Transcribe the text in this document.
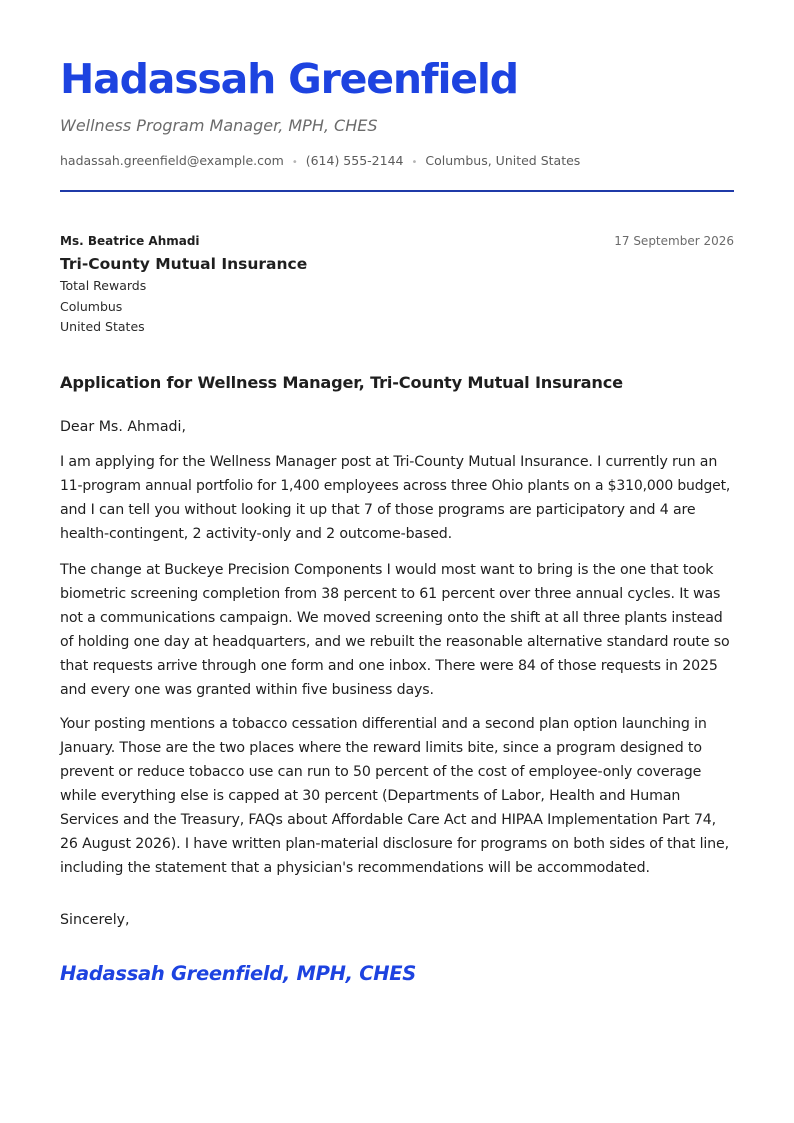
Hadassah Greenfield
Wellness Program Manager, MPH, CHES
hadassah.greenfield@example.com • (614) 555-2144 • Columbus, United States
Ms. Beatrice Ahmadi	17 September 2026
Tri-County Mutual Insurance
Total Rewards
Columbus
United States
Application for Wellness Manager, Tri-County Mutual Insurance
Dear Ms. Ahmadi,
I am applying for the Wellness Manager post at Tri-County Mutual Insurance. I currently run an
11-program annual portfolio for 1,400 employees across three Ohio plants on a $310,000 budget,
and I can tell you without looking it up that 7 of those programs are participatory and 4 are
health-contingent, 2 activity-only and 2 outcome-based.
The change at Buckeye Precision Components I would most want to bring is the one that took
biometric screening completion from 38 percent to 61 percent over three annual cycles. It was
not a communications campaign. We moved screening onto the shift at all three plants instead
of holding one day at headquarters, and we rebuilt the reasonable alternative standard route so
that requests arrive through one form and one inbox. There were 84 of those requests in 2025
and every one was granted within five business days.
Your posting mentions a tobacco cessation differential and a second plan option launching in
January. Those are the two places where the reward limits bite, since a program designed to
prevent or reduce tobacco use can run to 50 percent of the cost of employee-only coverage
while everything else is capped at 30 percent (Departments of Labor, Health and Human
Services and the Treasury, FAQs about Affordable Care Act and HIPAA Implementation Part 74,
26 August 2026). I have written plan-material disclosure for programs on both sides of that line,
including the statement that a physician's recommendations will be accommodated.
Sincerely,
Hadassah Greenfield, MPH, CHES
